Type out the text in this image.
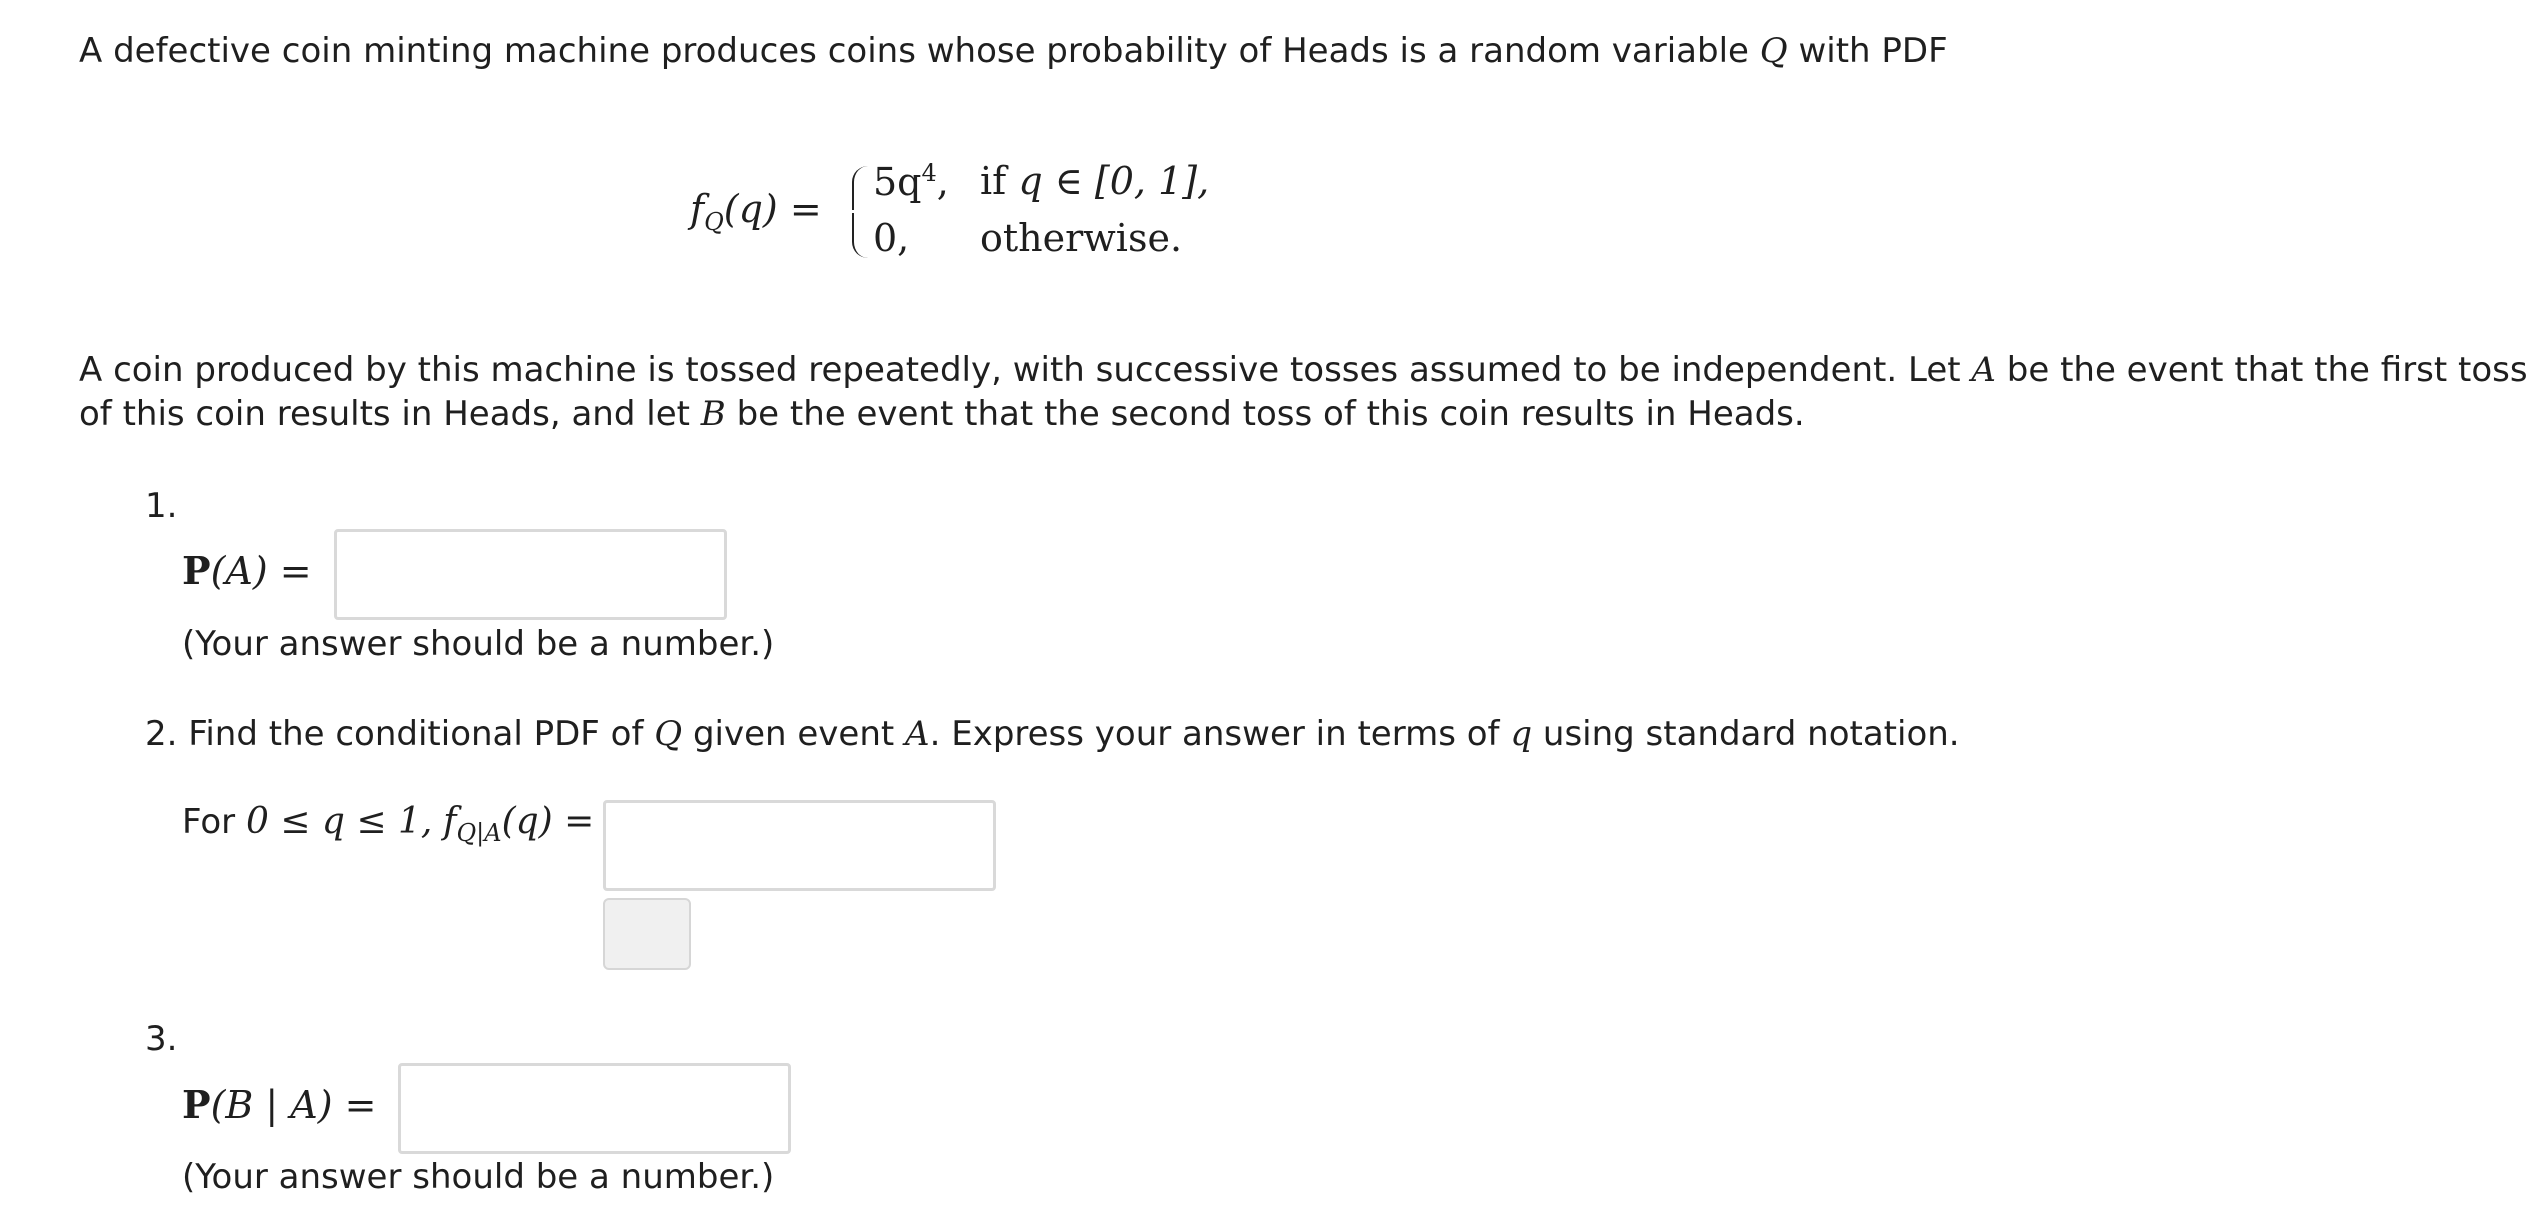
A defective coin minting machine produces coins whose probability of Heads is a random variable Q with PDF
$f_Q(q)$ =
$5q^4$, if q ∈ [0, 1],
0, otherwise.
A coin produced by this machine is tossed repeatedly, with successive tosses assumed to be independent. Let A be the event that the first toss
of this coin results in Heads, and let B be the event that the second toss of this coin results in Heads.
1.
P(A) =
(Your answer should be a number.)
2. Find the conditional PDF of Q given event A. Express your answer in terms of q using standard notation.
For 0 ≤ q ≤ 1, $f_{Q|A}(q)$ =
3.
P(B | A) =
(Your answer should be a number.)
